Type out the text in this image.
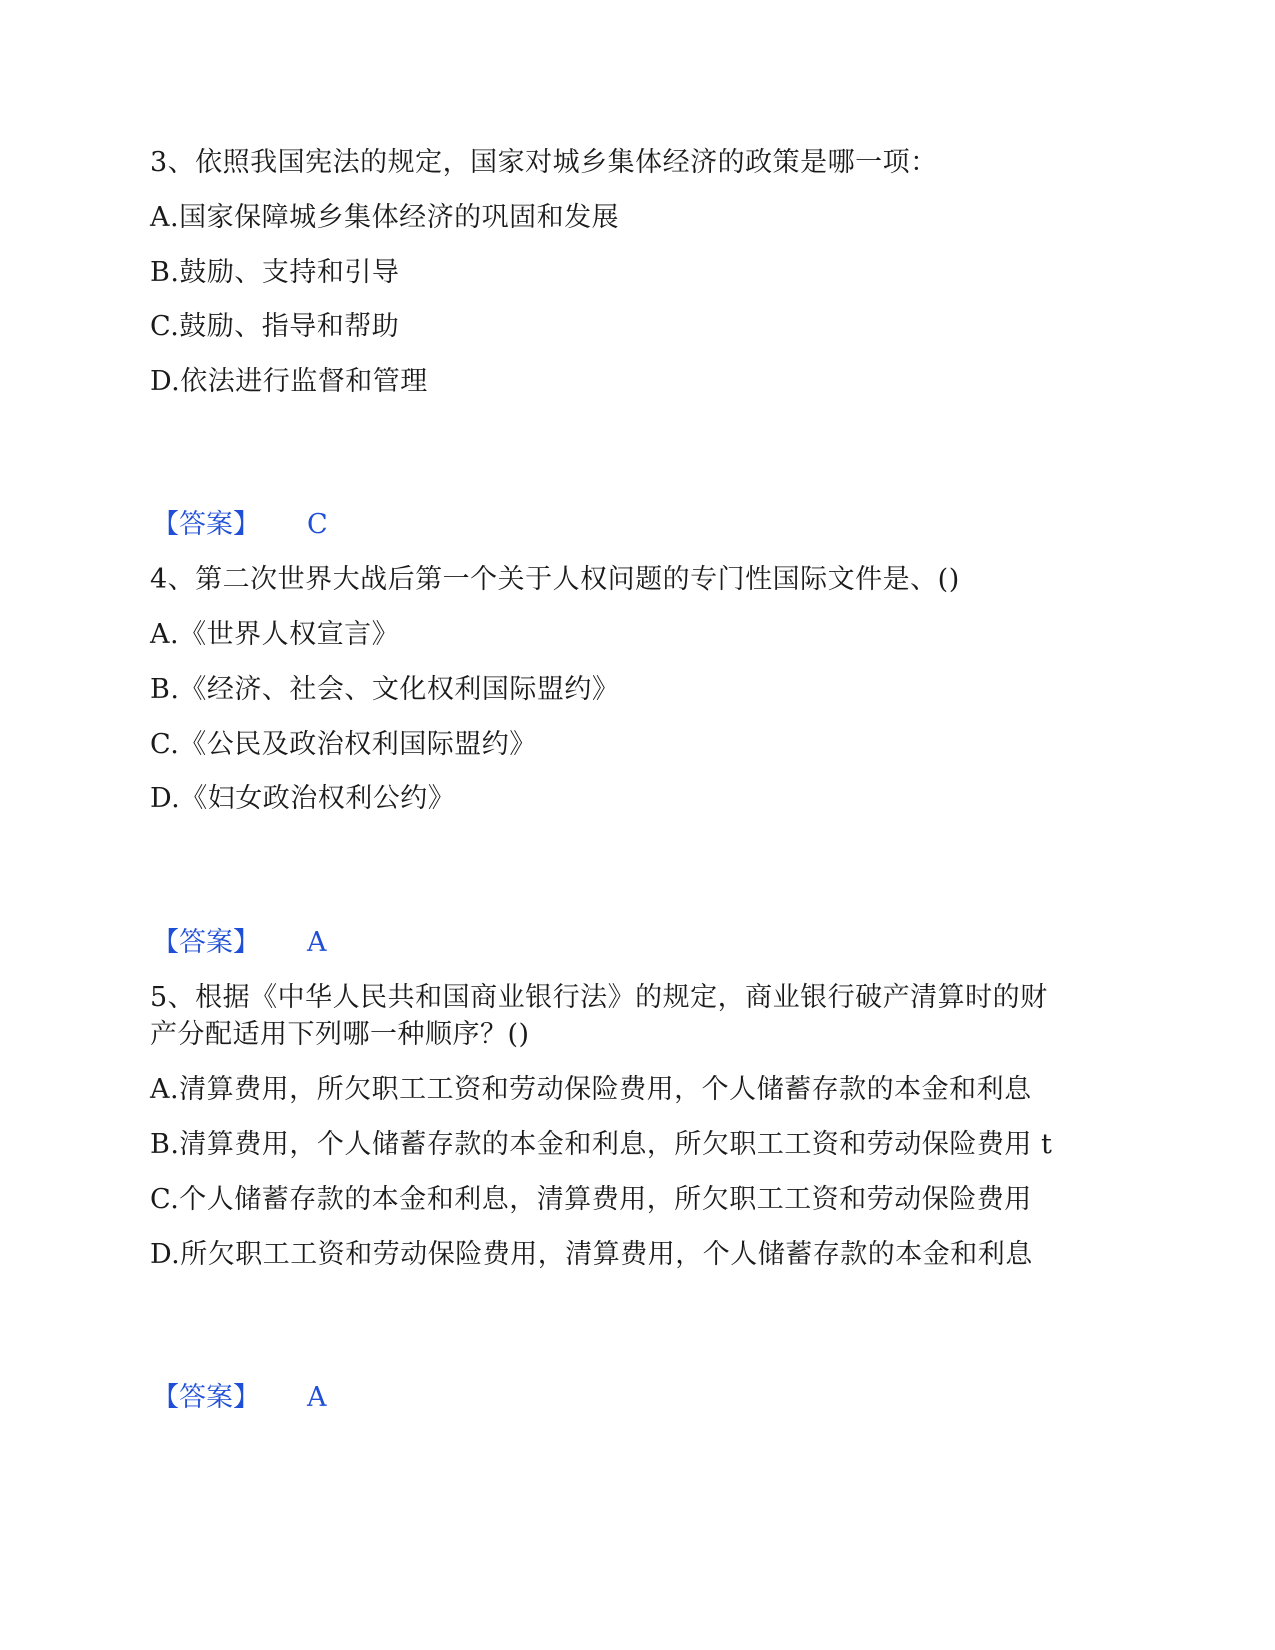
3、依照我国宪法的规定，国家对城乡集体经济的政策是哪一项：
A.国家保障城乡集体经济的巩固和发展
B.鼓励、支持和引导
C.鼓励、指导和帮助
D.依法进行监督和管理
【答案】 C
4、第二次世界大战后第一个关于人权问题的专门性国际文件是、()
A.《世界人权宣言》
B.《经济、社会、文化权利国际盟约》
C.《公民及政治权利国际盟约》
D.《妇女政治权利公约》
【答案】 A
5、根据《中华人民共和国商业银行法》的规定，商业银行破产清算时的财
产分配适用下列哪一种顺序？()
A.清算费用，所欠职工工资和劳动保险费用，个人储蓄存款的本金和利息
B.清算费用，个人储蓄存款的本金和利息，所欠职工工资和劳动保险费用 t
C.个人储蓄存款的本金和利息，清算费用，所欠职工工资和劳动保险费用
D.所欠职工工资和劳动保险费用，清算费用，个人储蓄存款的本金和利息
【答案】 A
